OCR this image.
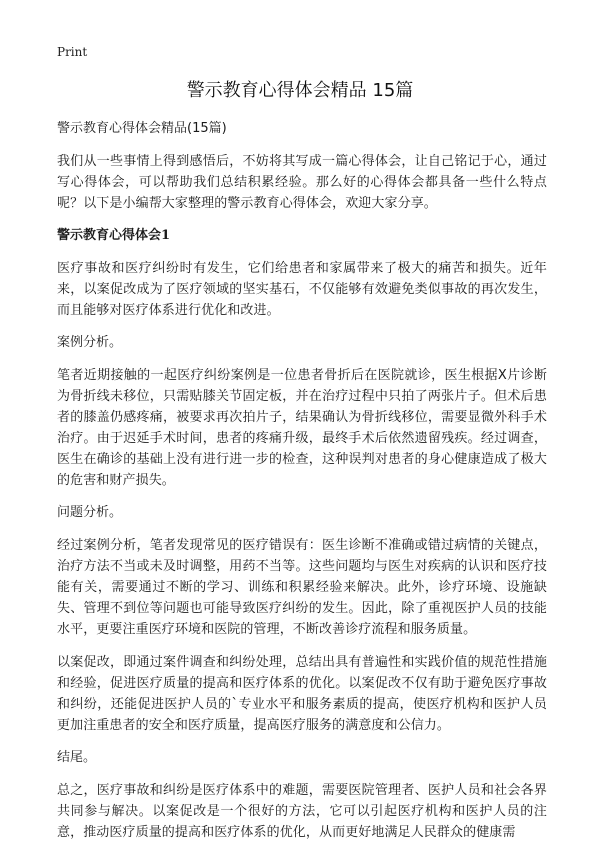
Print
警示教育心得体会精品 15篇
警示教育心得体会精品(15篇)

我们从一些事情上得到感悟后，不妨将其写成一篇心得体会，让自己铭记于心，通过写心得体会，可以帮助我们总结积累经验。那么好的心得体会都具备一些什么特点呢？以下是小编帮大家整理的警示教育心得体会，欢迎大家分享。

警示教育心得体会1

医疗事故和医疗纠纷时有发生，它们给患者和家属带来了极大的痛苦和损失。近年来，以案促改成为了医疗领域的坚实基石，不仅能够有效避免类似事故的再次发生，而且能够对医疗体系进行优化和改进。

案例分析。

笔者近期接触的一起医疗纠纷案例是一位患者骨折后在医院就诊，医生根据X片诊断为骨折线未移位，只需贴膝关节固定板，并在治疗过程中只拍了两张片子。但术后患者的膝盖仍感疼痛，被要求再次拍片子，结果确认为骨折线移位，需要显微外科手术治疗。由于迟延手术时间，患者的疼痛升级，最终手术后依然遗留残疾。经过调查，医生在确诊的基础上没有进行进一步的检查，这种误判对患者的身心健康造成了极大的危害和财产损失。

问题分析。

经过案例分析，笔者发现常见的医疗错误有：医生诊断不准确或错过病情的关键点，治疗方法不当或未及时调整，用药不当等。这些问题均与医生对疾病的认识和医疗技能有关，需要通过不断的学习、训练和积累经验来解决。此外，诊疗环境、设施缺失、管理不到位等问题也可能导致医疗纠纷的发生。因此，除了重视医护人员的技能水平，更要注重医疗环境和医院的管理，不断改善诊疗流程和服务质量。

以案促改，即通过案件调查和纠纷处理，总结出具有普遍性和实践价值的规范性措施和经验，促进医疗质量的提高和医疗体系的优化。以案促改不仅有助于避免医疗事故和纠纷，还能促进医护人员的`专业水平和服务素质的提高，使医疗机构和医护人员更加注重患者的安全和医疗质量，提高医疗服务的满意度和公信力。

结尾。

总之，医疗事故和纠纷是医疗体系中的难题，需要医院管理者、医护人员和社会各界共同参与解决。以案促改是一个很好的方法，它可以引起医疗机构和医护人员的注意，推动医疗质量的提高和医疗体系的优化，从而更好地满足人民群众的健康需
